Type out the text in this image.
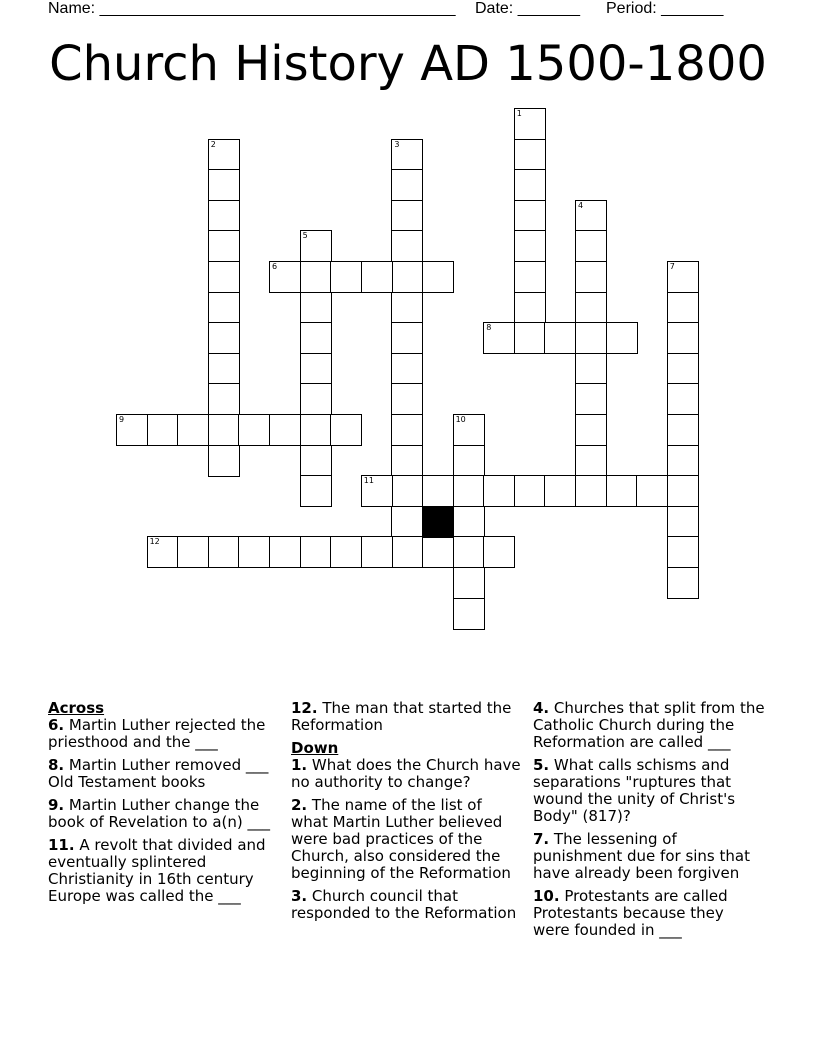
Name: ________________________________________ Date: _______ Period: _______
Church History AD 1500-1800
1
2	3
4
5
6	7
8
9	10
11
12

Across

6. Martin Luther rejected the priesthood and the ___

8. Martin Luther removed ___ Old Testament books

9. Martin Luther change the book of Revelation to a(n) ___

11. A revolt that divided and eventually splintered Christianity in 16th century Europe was called the ___

12. The man that started the Reformation

Down

1. What does the Church have no authority to change?

2. The name of the list of what Martin Luther believed were bad practices of the Church, also considered the beginning of the Reformation

3. Church council that responded to the Reformation

4. Churches that split from the Catholic Church during the Reformation are called ___

5. What calls schisms and separations "ruptures that wound the unity of Christ's Body" (817)?

7. The lessening of punishment due for sins that have already been forgiven

10. Protestants are called Protestants because they were founded in ___
